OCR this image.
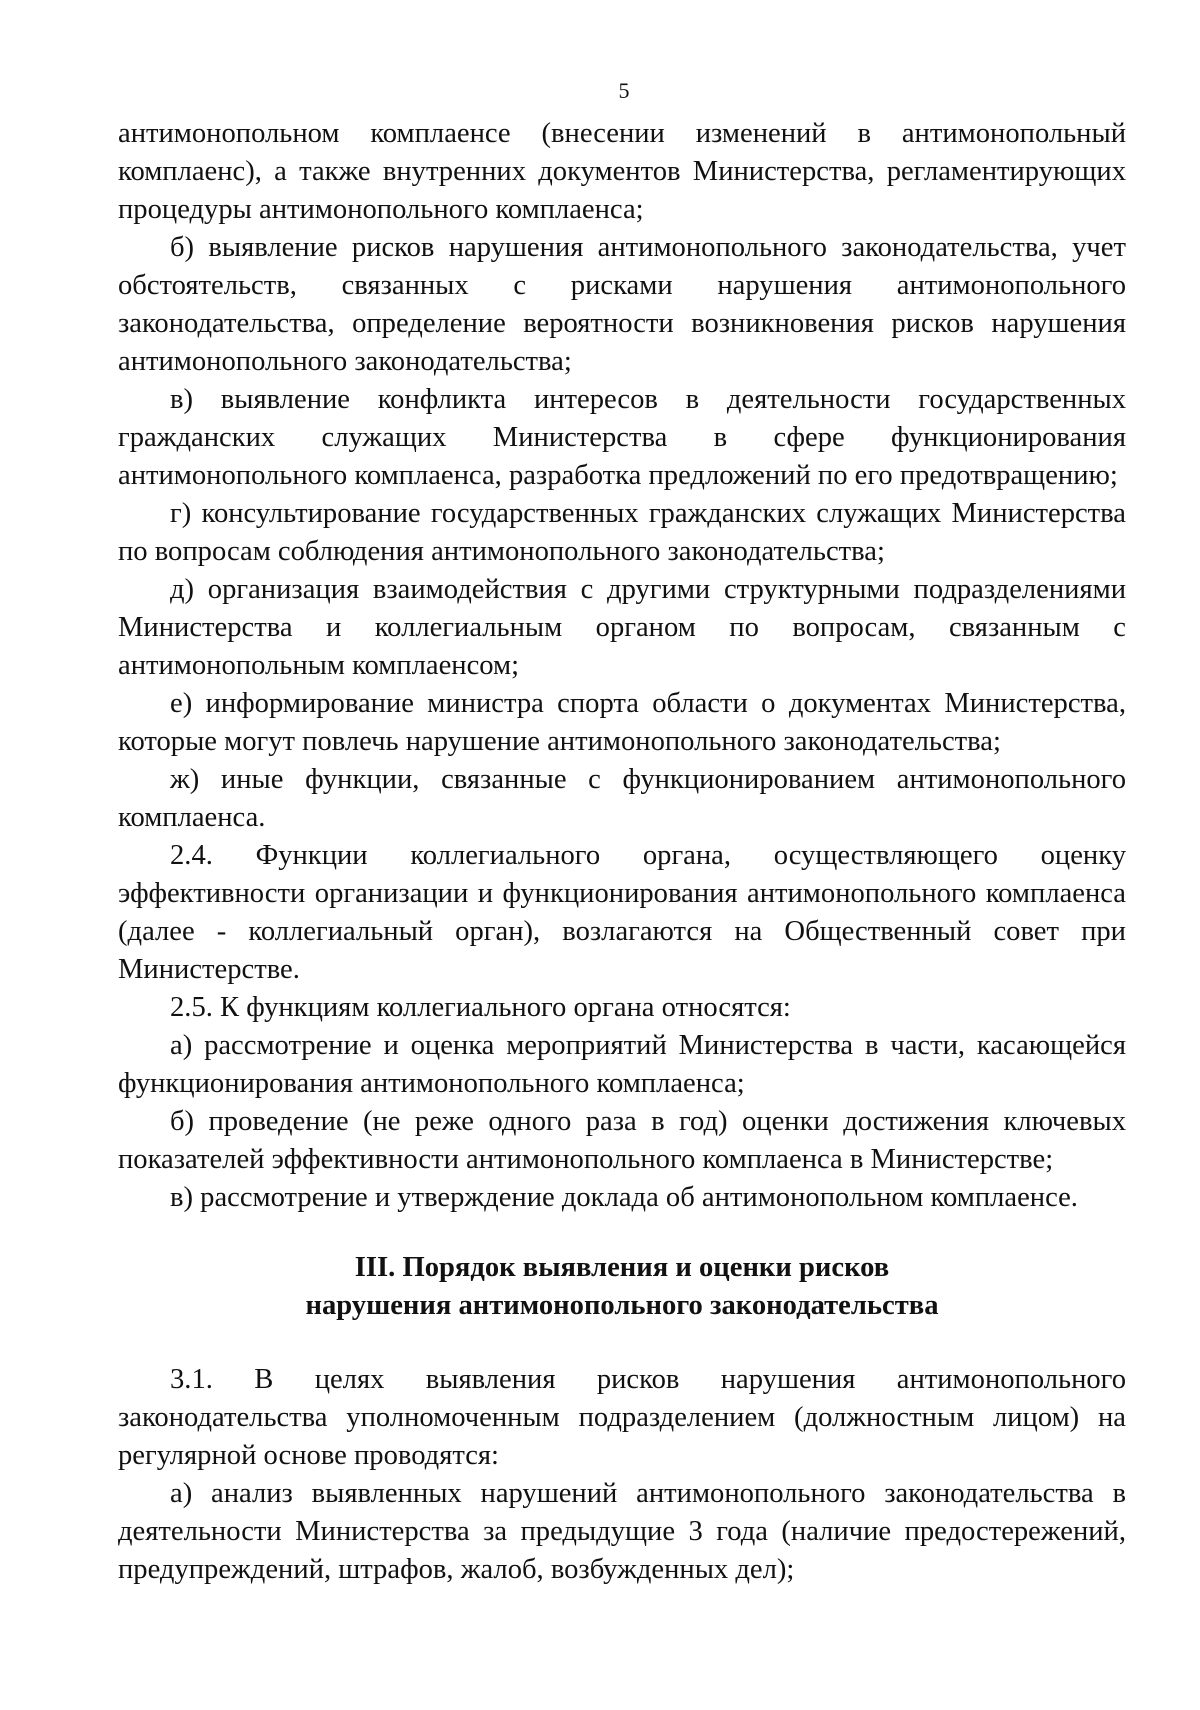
5

антимонопольном комплаенсе (внесении изменений в антимонопольный комплаенс), а также внутренних документов Министерства, регламентирующих процедуры антимонопольного комплаенса;

б) выявление рисков нарушения антимонопольного законодательства, учет обстоятельств, связанных с рисками нарушения антимонопольного законодательства, определение вероятности возникновения рисков нарушения антимонопольного законодательства;

в) выявление конфликта интересов в деятельности государственных гражданских служащих Министерства в сфере функционирования антимонопольного комплаенса, разработка предложений по его предотвращению;

г) консультирование государственных гражданских служащих Министерства по вопросам соблюдения антимонопольного законодательства;

д) организация взаимодействия с другими структурными подразделениями Министерства и коллегиальным органом по вопросам, связанным с антимонопольным комплаенсом;

е) информирование министра спорта области о документах Министерства, которые могут повлечь нарушение антимонопольного законодательства;

ж) иные функции, связанные с функционированием антимонопольного комплаенса.

2.4. Функции коллегиального органа, осуществляющего оценку эффективности организации и функционирования антимонопольного комплаенса (далее - коллегиальный орган), возлагаются на Общественный совет при Министерстве.

2.5. К функциям коллегиального органа относятся:

а) рассмотрение и оценка мероприятий Министерства в части, касающейся функционирования антимонопольного комплаенса;

б) проведение (не реже одного раза в год) оценки достижения ключевых показателей эффективности антимонопольного комплаенса в Министерстве;

в) рассмотрение и утверждение доклада об антимонопольном комплаенсе.

III. Порядок выявления и оценки рисков
нарушения антимонопольного законодательства

3.1. В целях выявления рисков нарушения антимонопольного законодательства уполномоченным подразделением (должностным лицом) на регулярной основе проводятся:

а) анализ выявленных нарушений антимонопольного законодательства в деятельности Министерства за предыдущие 3 года (наличие предостережений, предупреждений, штрафов, жалоб, возбужденных дел);
